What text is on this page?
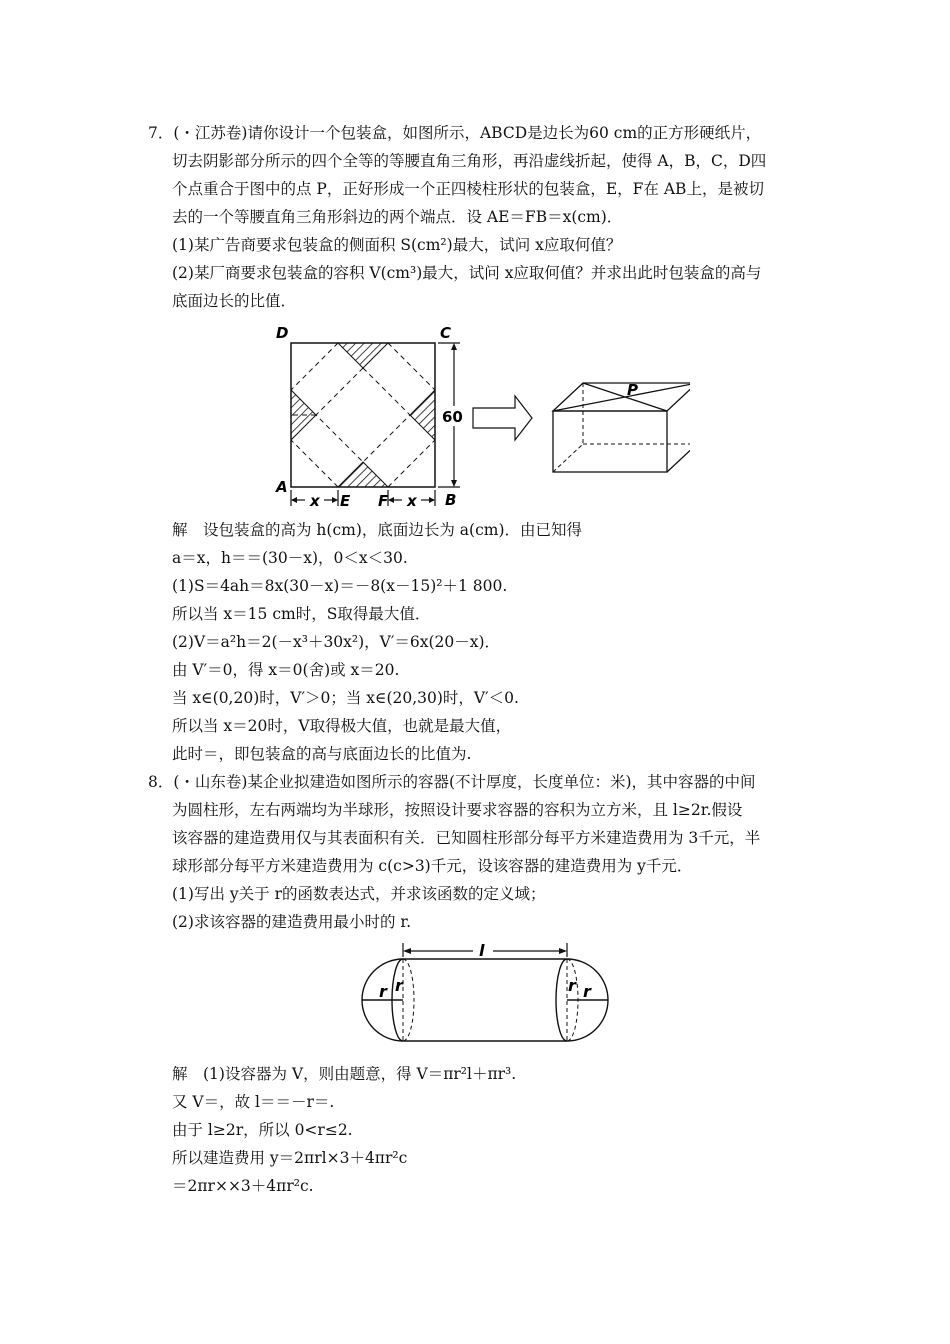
7．(・江苏卷)请你设计一个包装盒，如图所示，ABCD是边长为60 cm的正方形硬纸片，
切去阴影部分所示的四个全等的等腰直角三角形，再沿虚线折起，使得 A，B，C，D四
个点重合于图中的点 P，正好形成一个正四棱柱形状的包装盒，E，F在 AB上，是被切
去的一个等腰直角三角形斜边的两个端点．设 AE＝FB＝x(cm)．
(1)某广告商要求包装盒的侧面积 S(cm²)最大，试问 x应取何值？
(2)某厂商要求包装盒的容积 V(cm³)最大，试问 x应取何值？并求出此时包装盒的高与
底面边长的比值．
D	C
A
B
E F
x	x
60
P
解　设包装盒的高为 h(cm)，底面边长为 a(cm)．由已知得
a＝x，h＝＝(30－x)，0＜x＜30.
(1)S＝4ah＝8x(30－x)＝－8(x－15)²＋1 800.
所以当 x＝15 cm时，S取得最大值．
(2)V＝a²h＝2(－x³＋30x²)，V′＝6x(20－x)．
由 V′＝0，得 x＝0(舍)或 x＝20.
当 x∈(0,20)时，V′＞0；当 x∈(20,30)时，V′＜0.
所以当 x＝20时，V取得极大值，也就是最大值，
此时＝，即包装盒的高与底面边长的比值为.
8．(・山东卷)某企业拟建造如图所示的容器(不计厚度，长度单位：米)，其中容器的中间
为圆柱形，左右两端均为半球形，按照设计要求容器的容积为立方米，且 l≥2r.假设
该容器的建造费用仅与其表面积有关．已知圆柱形部分每平方米建造费用为 3千元，半
球形部分每平方米建造费用为 c(c>3)千元，设该容器的建造费用为 y千元．
(1)写出 y关于 r的函数表达式，并求该函数的定义域；
(2)求该容器的建造费用最小时的 r.
l
r r	r r
解　(1)设容器为 V，则由题意，得 V＝πr²l＋πr³.
又 V＝，故 l＝＝－r＝.
由于 l≥2r，所以 0<r≤2.
所以建造费用 y＝2πrl×3＋4πr²c
＝2πr××3＋4πr²c.
